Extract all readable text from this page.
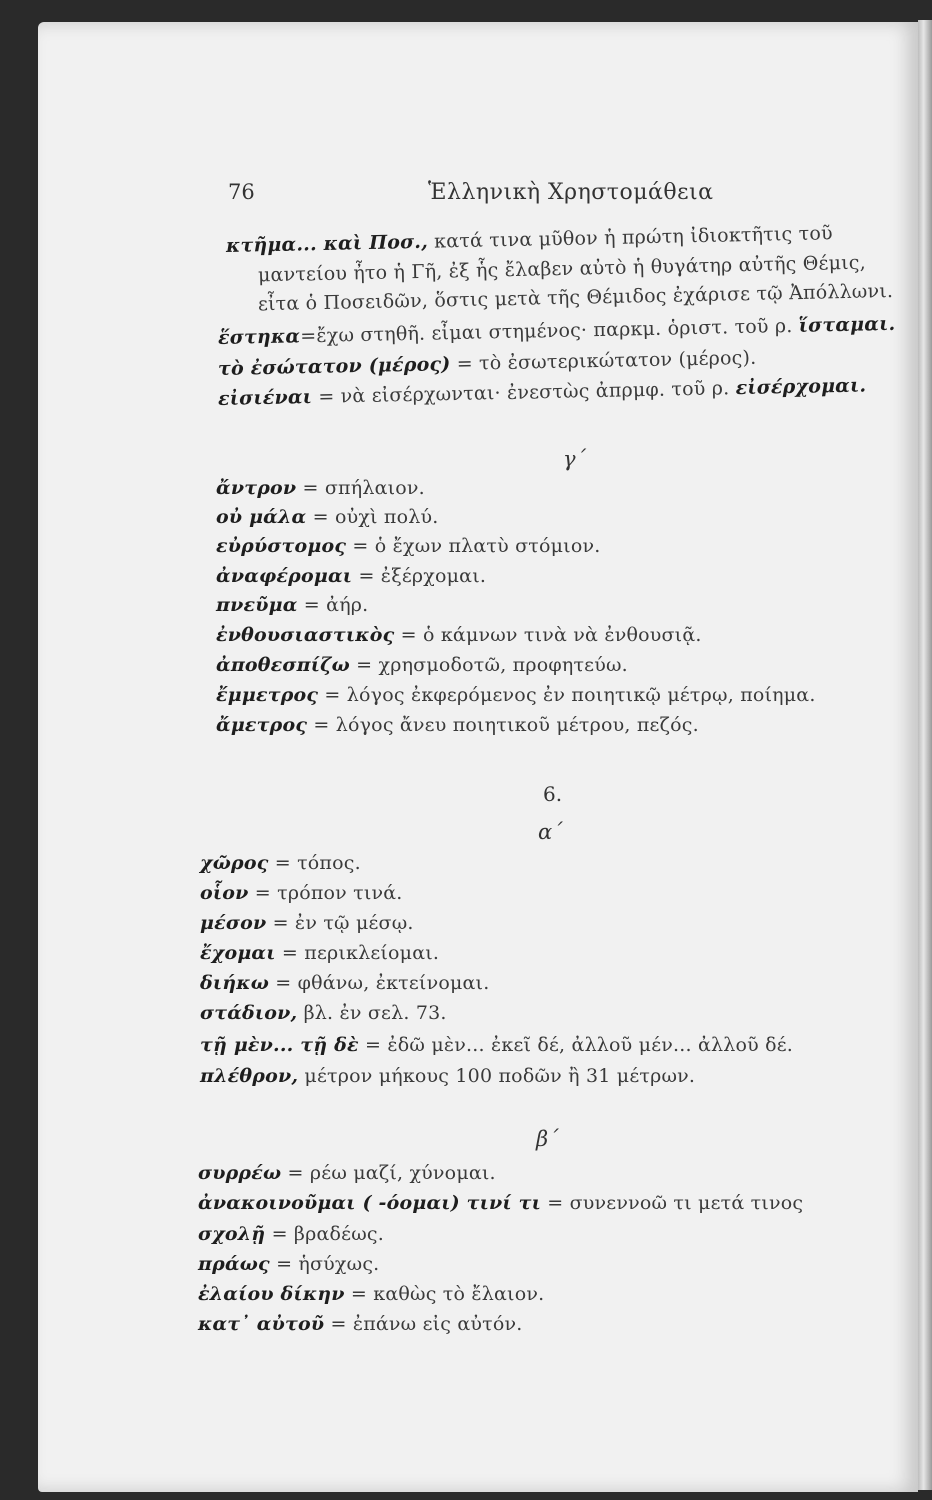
76	Ἑλληνικὴ Χρηστομάθεια

κτῆμα... καὶ Ποσ., κατά τινα μῦθον ἡ πρώτη ἰδιοκτῆτις τοῦ

μαντείου ἦτο ἡ Γῆ, ἐξ ἧς ἔλαβεν αὐτὸ ἡ θυγάτηρ αὐτῆς Θέμις,

εἶτα ὁ Ποσειδῶν, ὅστις μετὰ τῆς Θέμιδος ἐχάρισε τῷ Ἀπόλλωνι.

ἕστηκα=ἔχω στηθῆ. εἶμαι στημένος· παρκμ. ὁριστ. τοῦ ρ. ἵσταμαι.

τὸ ἐσώτατον (μέρος) = τὸ ἐσωτερικώτατον (μέρος).

εἰσιέναι = νὰ εἰσέρχωνται· ἐνεστὼς ἀπρμφ. τοῦ ρ. εἰσέρχομαι.

γ΄

ἄντρον = σπήλαιον.

οὐ μάλα = οὐχὶ πολύ.

εὐρύστομος = ὁ ἔχων πλατὺ στόμιον.

ἀναφέρομαι = ἐξέρχομαι.

πνεῦμα = ἀήρ.

ἐνθουσιαστικὸς = ὁ κάμνων τινὰ νὰ ἐνθουσιᾷ.

ἀποθεσπίζω = χρησμοδοτῶ, προφητεύω.

ἔμμετρος = λόγος ἐκφερόμενος ἐν ποιητικῷ μέτρῳ, ποίημα.

ἄμετρος = λόγος ἄνευ ποιητικοῦ μέτρου, πεζός.

6.
α΄

χῶρος = τόπος.

οἷον = τρόπον τινά.

μέσον = ἐν τῷ μέσῳ.

ἔχομαι = περικλείομαι.

διήκω = φθάνω, ἐκτείνομαι.

στάδιον, βλ. ἐν σελ. 73.

τῇ μὲν... τῇ δὲ = ἐδῶ μὲν... ἐκεῖ δέ, ἀλλοῦ μέν... ἀλλοῦ δέ.

πλέθρον, μέτρον μήκους 100 ποδῶν ἢ 31 μέτρων.

β΄

συρρέω = ρέω μαζί, χύνομαι.

ἀνακοινοῦμαι ( -όομαι) τινί τι = συνεννοῶ τι μετά τινος

σχολῇ = βραδέως.

πράως = ἡσύχως.

ἐλαίου δίκην = καθὼς τὸ ἔλαιον.

κατ᾽ αὐτοῦ = ἐπάνω εἰς αὐτόν.
